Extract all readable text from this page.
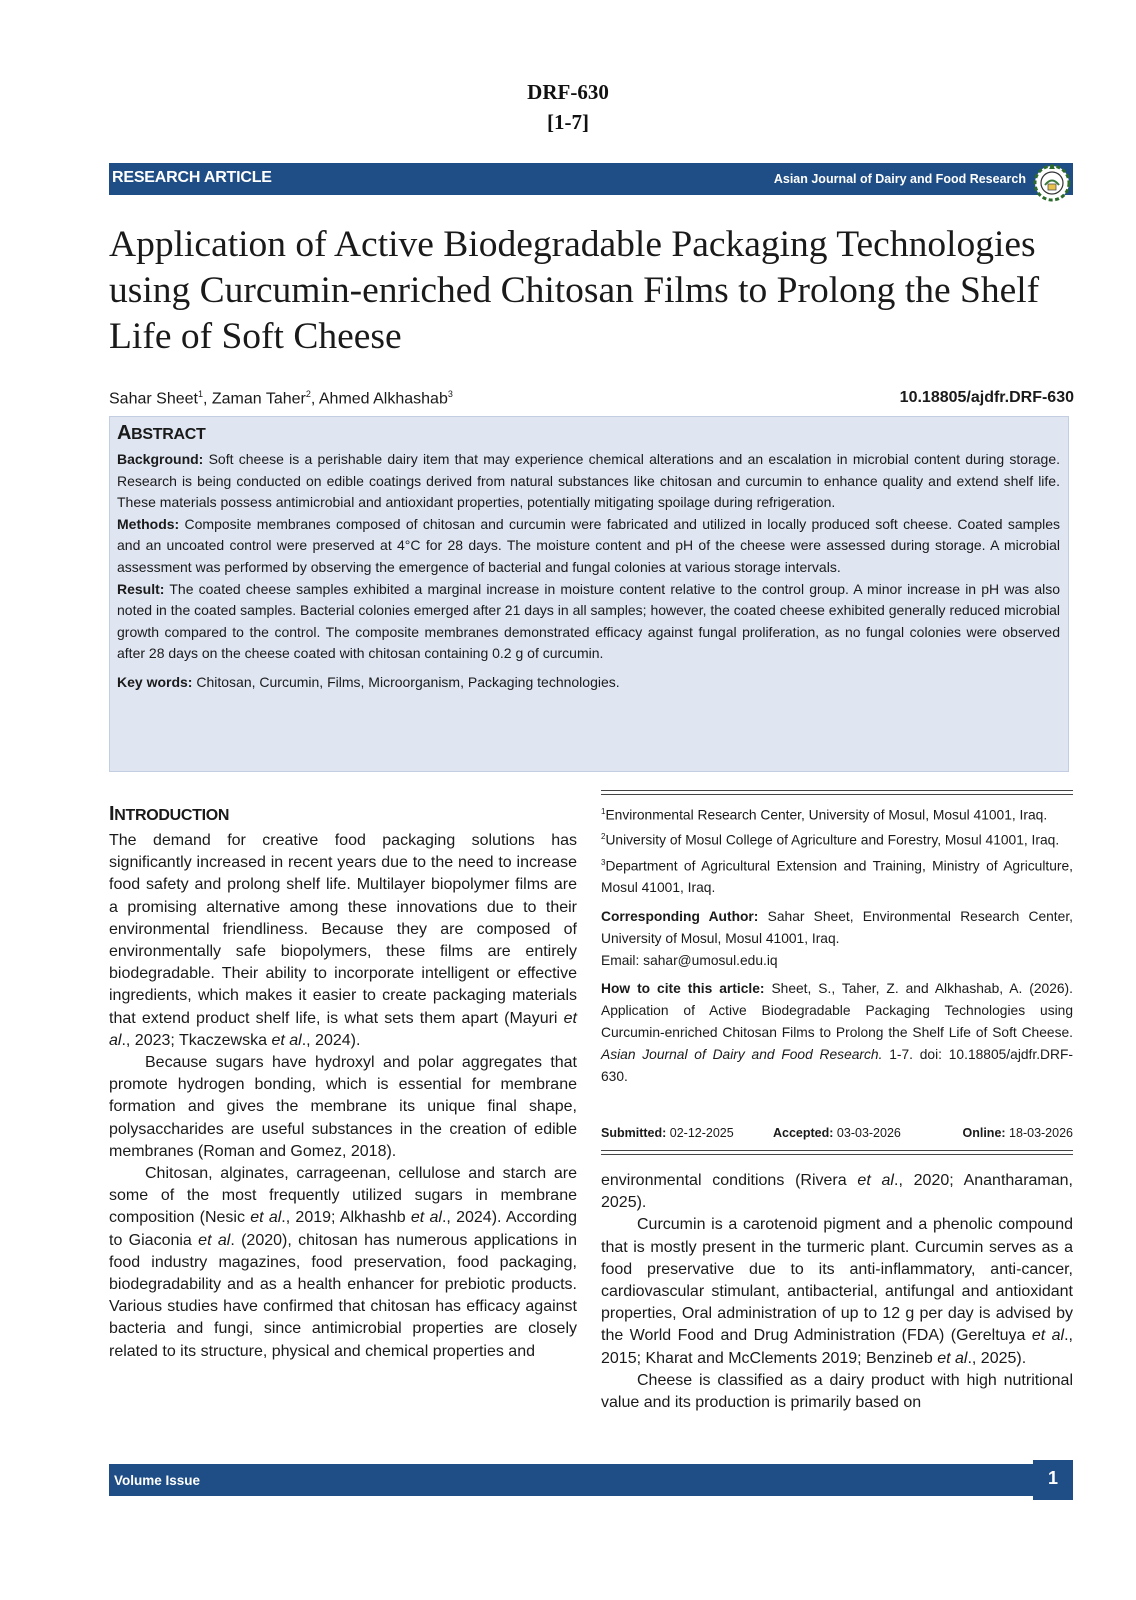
DRF-630
[1-7]
RESEARCH ARTICLE	Asian Journal of Dairy and Food Research
Application of Active Biodegradable Packaging Technologies using Curcumin-enriched Chitosan Films to Prolong the Shelf Life of Soft Cheese
Sahar Sheet$^1$, Zaman Taher$^2$, Ahmed Alkhashab$^3$	10.18805/ajdfr.DRF-630
ABSTRACT

Background: Soft cheese is a perishable dairy item that may experience chemical alterations and an escalation in microbial content during storage. Research is being conducted on edible coatings derived from natural substances like chitosan and curcumin to enhance quality and extend shelf life. These materials possess antimicrobial and antioxidant properties, potentially mitigating spoilage during refrigeration.

Methods: Composite membranes composed of chitosan and curcumin were fabricated and utilized in locally produced soft cheese. Coated samples and an uncoated control were preserved at 4°C for 28 days. The moisture content and pH of the cheese were assessed during storage. A microbial assessment was performed by observing the emergence of bacterial and fungal colonies at various storage intervals.

Result: The coated cheese samples exhibited a marginal increase in moisture content relative to the control group. A minor increase in pH was also noted in the coated samples. Bacterial colonies emerged after 21 days in all samples; however, the coated cheese exhibited generally reduced microbial growth compared to the control. The composite membranes demonstrated efficacy against fungal proliferation, as no fungal colonies were observed after 28 days on the cheese coated with chitosan containing 0.2 g of curcumin.

Key words: Chitosan, Curcumin, Films, Microorganism, Packaging technologies.
INTRODUCTION

The demand for creative food packaging solutions has significantly increased in recent years due to the need to increase food safety and prolong shelf life. Multilayer biopolymer films are a promising alternative among these innovations due to their environmental friendliness. Because they are composed of environmentally safe biopolymers, these films are entirely biodegradable. Their ability to incorporate intelligent or effective ingredients, which makes it easier to create packaging materials that extend product shelf life, is what sets them apart (Mayuri et al., 2023; Tkaczewska et al., 2024).

Because sugars have hydroxyl and polar aggregates that promote hydrogen bonding, which is essential for membrane formation and gives the membrane its unique final shape, polysaccharides are useful substances in the creation of edible membranes (Roman and Gomez, 2018).

Chitosan, alginates, carrageenan, cellulose and starch are some of the most frequently utilized sugars in membrane composition (Nesic et al., 2019; Alkhashb et al., 2024). According to Giaconia et al. (2020), chitosan has numerous applications in food industry magazines, food preservation, food packaging, biodegradability and as a health enhancer for prebiotic products. Various studies have confirmed that chitosan has efficacy against bacteria and fungi, since antimicrobial properties are closely related to its structure, physical and chemical properties and

$^1$Environmental Research Center, University of Mosul, Mosul 41001, Iraq.

$^2$University of Mosul College of Agriculture and Forestry, Mosul 41001, Iraq.

$^3$Department of Agricultural Extension and Training, Ministry of Agriculture, Mosul 41001, Iraq.

Corresponding Author: Sahar Sheet, Environmental Research Center, University of Mosul, Mosul 41001, Iraq.

Email: sahar@umosul.edu.iq

How to cite this article: Sheet, S., Taher, Z. and Alkhashab, A. (2026). Application of Active Biodegradable Packaging Technologies using Curcumin-enriched Chitosan Films to Prolong the Shelf Life of Soft Cheese. Asian Journal of Dairy and Food Research. 1-7. doi: 10.18805/ajdfr.DRF-630.

Submitted: 02-12-2025	Accepted: 03-03-2026	Online: 18-03-2026

environmental conditions (Rivera et al., 2020; Anantharaman, 2025).

Curcumin is a carotenoid pigment and a phenolic compound that is mostly present in the turmeric plant. Curcumin serves as a food preservative due to its anti-inflammatory, anti-cancer, cardiovascular stimulant, antibacterial, antifungal and antioxidant properties, Oral administration of up to 12 g per day is advised by the World Food and Drug Administration (FDA) (Gereltuya et al., 2015; Kharat and McClements 2019; Benzineb et al., 2025).

Cheese is classified as a dairy product with high nutritional value and its production is primarily based on

Volume Issue	1
